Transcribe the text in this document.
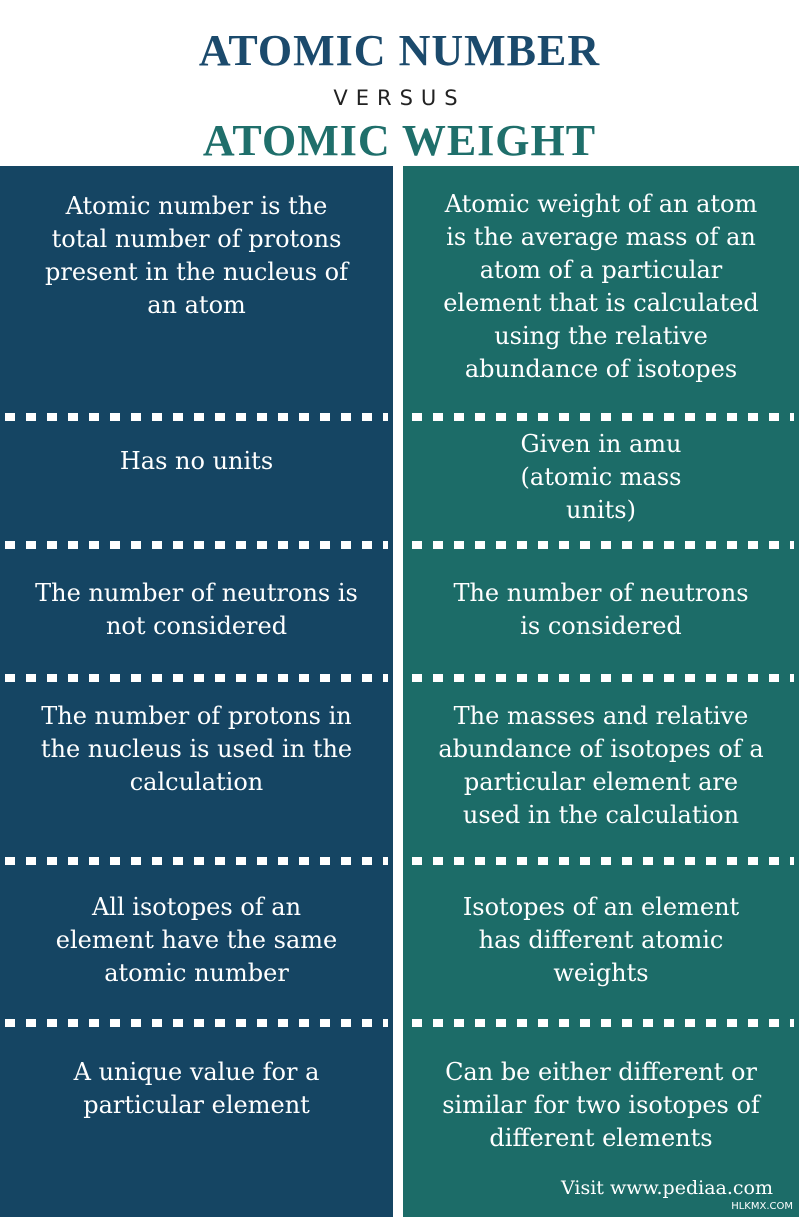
ATOMIC NUMBER
VERSUS
ATOMIC WEIGHT
Atomic number is the total number of protons present in the nucleus of an atom
Atomic weight of an atom is the average mass of an atom of a particular element that is calculated using the relative abundance of isotopes
Has no units
Given in amu (atomic mass units)
The number of neutrons is not considered
The number of neutrons is considered
The number of protons in the nucleus is used in the calculation
The masses and relative abundance of isotopes of a particular element are used in the calculation
All isotopes of an element have the same atomic number
Isotopes of an element has different atomic weights
A unique value for a particular element
Can be either different or similar for two isotopes of different elements
Visit www.pediaa.com
HLKMX.COM
